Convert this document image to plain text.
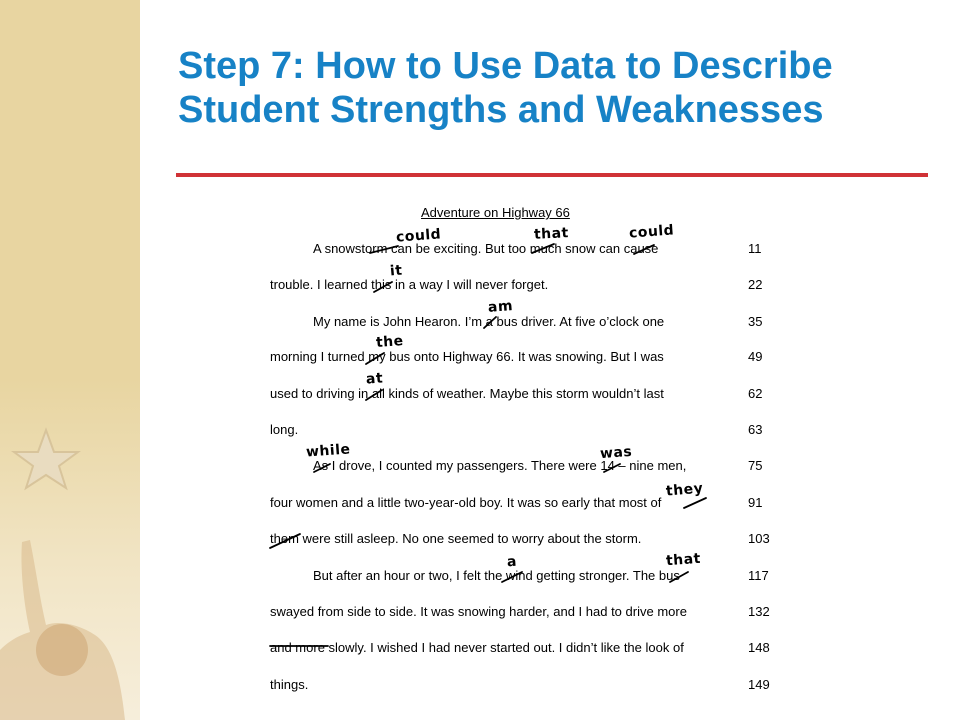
Step 7: How to Use Data to Describe Student Strengths and Weaknesses
Adventure on Highway 66
A snowstorm can be exciting. But too much snow can cause	11
trouble. I learned this in a way I will never forget.	22
My name is John Hearon. I’m a bus driver. At five o’clock one	35
morning I turned my bus onto Highway 66. It was snowing. But I was	49
used to driving in all kinds of weather. Maybe this storm wouldn’t last	62
long.	63
As I drove, I counted my passengers. There were 14 – nine men,	75
four women and a little two-year-old boy. It was so early that most of	91
them were still asleep. No one seemed to worry about the storm.	103
But after an hour or two, I felt the wind getting stronger. The bus	117
swayed from side to side. It was snowing harder, and I had to drive more	132
and more slowly. I wished I had never started out. I didn’t like the look of	148
things.	149
could	that	could
it
am
the
at
while	was
they
a	that
